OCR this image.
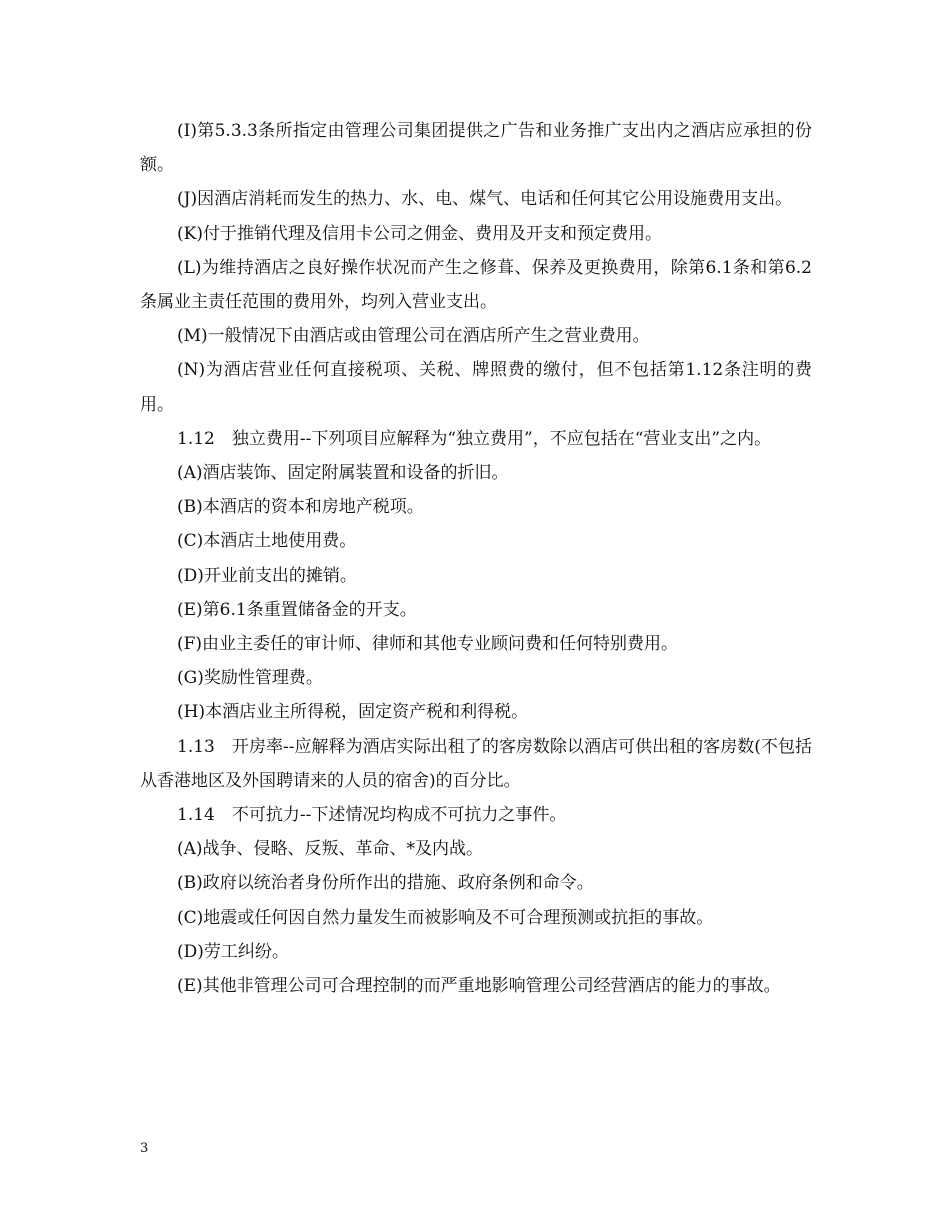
(I)第5.3.3条所指定由管理公司集团提供之广告和业务推广支出内之酒店应承担的份额。

(J)因酒店消耗而发生的热力、水、电、煤气、电话和任何其它公用设施费用支出。

(K)付于推销代理及信用卡公司之佣金、费用及开支和预定费用。

(L)为维持酒店之良好操作状况而产生之修葺、保养及更换费用，除第6.1条和第6.2条属业主责任范围的费用外，均列入营业支出。

(M)一般情况下由酒店或由管理公司在酒店所产生之营业费用。

(N)为酒店营业任何直接税项、关税、牌照费的缴付，但不包括第1.12条注明的费用。

1.12　独立费用--下列项目应解释为“独立费用”，不应包括在“营业支出”之内。

(A)酒店装饰、固定附属装置和设备的折旧。

(B)本酒店的资本和房地产税项。

(C)本酒店土地使用费。

(D)开业前支出的摊销。

(E)第6.1条重置储备金的开支。

(F)由业主委任的审计师、律师和其他专业顾问费和任何特别费用。

(G)奖励性管理费。

(H)本酒店业主所得税，固定资产税和利得税。

1.13　开房率--应解释为酒店实际出租了的客房数除以酒店可供出租的客房数(不包括从香港地区及外国聘请来的人员的宿舍)的百分比。

1.14　不可抗力--下述情况均构成不可抗力之事件。

(A)战争、侵略、反叛、革命、*及内战。

(B)政府以统治者身份所作出的措施、政府条例和命令。

(C)地震或任何因自然力量发生而被影响及不可合理预测或抗拒的事故。

(D)劳工纠纷。

(E)其他非管理公司可合理控制的而严重地影响管理公司经营酒店的能力的事故。

3
